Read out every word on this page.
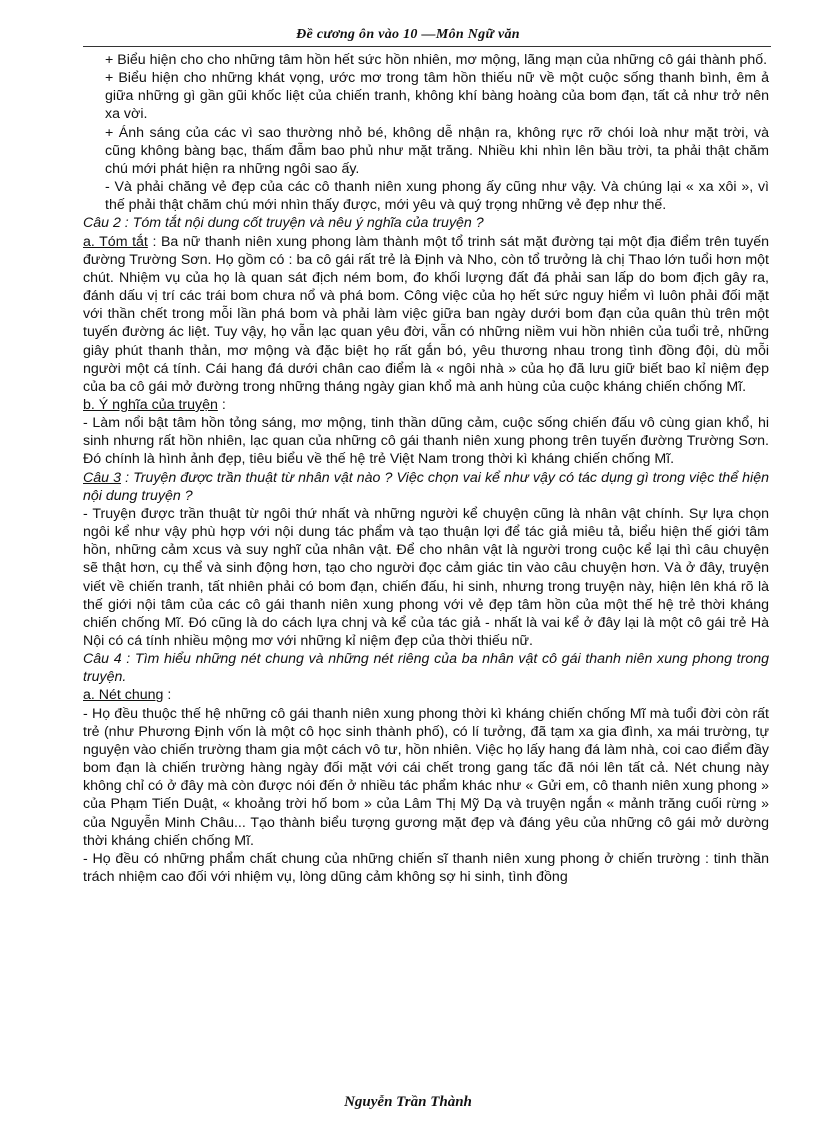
Đề cương ôn vào 10 —Môn Ngữ văn

+ Biểu hiện cho cho những tâm hồn hết sức hồn nhiên, mơ mộng, lãng mạn của những cô gái thành phố.

+ Biểu hiện cho những khát vọng, ước mơ trong tâm hồn thiếu nữ về một cuộc sống thanh bình, êm ả giữa những gì gần gũi khốc liệt của chiến tranh, không khí bàng hoàng của bom đạn, tất cả như trở nên xa vời.

+ Ánh sáng của các vì sao thường nhỏ bé, không dễ nhận ra, không rực rỡ chói loà như mặt trời, và cũng không bàng bạc, thấm đẫm bao phủ như mặt trăng. Nhiều khi nhìn lên bầu trời, ta phải thật chăm chú mới phát hiện ra những ngôi sao ấy.

- Và phải chăng vẻ đẹp của các cô thanh niên xung phong ấy cũng như vậy. Và chúng lại « xa xôi », vì thế phải thật chăm chú mới nhìn thấy được, mới yêu và quý trọng những vẻ đẹp như thế.

Câu 2 : Tóm tắt nội dung cốt truyện và nêu ý nghĩa của truyện ?

a. Tóm tắt : Ba nữ thanh niên xung phong làm thành một tổ trinh sát mặt đường tại một địa điểm trên tuyến đường Trường Sơn. Họ gồm có : ba cô gái rất trẻ là Định và Nho, còn tổ trưởng là chị Thao lớn tuổi hơn một chút. Nhiệm vụ của họ là quan sát địch ném bom, đo khối lượng đất đá phải san lấp do bom địch gây ra, đánh dấu vị trí các trái bom chưa nổ và phá bom. Công việc của họ hết sức nguy hiểm vì luôn phải đối mặt với thần chết trong mỗi lần phá bom và phải làm việc giữa ban ngày dưới bom đạn của quân thù trên một tuyến đường ác liệt. Tuy vậy, họ vẫn lạc quan yêu đời, vẫn có những niềm vui hồn nhiên của tuổi trẻ, những giây phút thanh thản, mơ mộng và đặc biệt họ rất gắn bó, yêu thương nhau trong tình đồng đội, dù mỗi người một cá tính. Cái hang đá dưới chân cao điểm là « ngôi nhà » của họ đã lưu giữ biết bao kỉ niệm đẹp của ba cô gái mở đường trong những tháng ngày gian khổ mà anh hùng của cuộc kháng chiến chống Mĩ.

b. Ý nghĩa của truyện :

- Làm nổi bật tâm hồn tỏng sáng, mơ mộng, tinh thần dũng cảm, cuộc sống chiến đấu vô cùng gian khổ, hi sinh nhưng rất hồn nhiên, lạc quan của những cô gái thanh niên xung phong trên tuyến đường Trường Sơn. Đó chính là hình ảnh đẹp, tiêu biểu về thế hệ trẻ Việt Nam trong thời kì kháng chiến chống Mĩ.

Câu 3 : Truyện được trần thuật từ nhân vật nào ? Việc chọn vai kể như vậy có tác dụng gì trong việc thể hiện nội dung truyện ?

- Truyện được trần thuật từ ngôi thứ nhất và những người kể chuyện cũng là nhân vật chính. Sự lựa chọn ngôi kể như vậy phù hợp với nội dung tác phẩm và tạo thuận lợi để tác giả miêu tả, biểu hiện thế giới tâm hồn, những cảm xcus và suy nghĩ của nhân vật. Để cho nhân vật là người trong cuộc kể lại thì câu chuyện sẽ thật hơn, cụ thể và sinh động hơn, tạo cho người đọc cảm giác tin vào câu chuyện hơn. Và ở đây, truyện viết về chiến tranh, tất nhiên phải có bom đạn, chiến đấu, hi sinh, nhưng trong truyện này, hiện lên khá rõ là thế giới nội tâm của các cô gái thanh niên xung phong với vẻ đẹp tâm hồn của một thế hệ trẻ thời kháng chiến chống Mĩ. Đó cũng là do cách lựa chnj và kể của tác giả - nhất là vai kể ở đây lại là một cô gái trẻ Hà Nội có cá tính nhiều mộng mơ với những kỉ niệm đẹp của thời thiếu nữ.

Câu 4 : Tìm hiểu những nét chung và những nét riêng của ba nhân vật cô gái thanh niên xung phong trong truyện.

a. Nét chung :

- Họ đều thuộc thế hệ những cô gái thanh niên xung phong thời kì kháng chiến chống Mĩ mà tuổi đời còn rất trẻ (như Phương Định vốn là một cô học sinh thành phố), có lí tưởng, đã tạm xa gia đình, xa mái trường, tự nguyện vào chiến trường tham gia một cách vô tư, hồn nhiên. Việc họ lấy hang đá làm nhà, coi cao điểm đầy bom đạn là chiến trường hàng ngày đối mặt với cái chết trong gang tấc đã nói lên tất cả. Nét chung này không chỉ có ở đây mà còn được nói đến ở nhiều tác phẩm khác như « Gửi em, cô thanh niên xung phong » của Phạm Tiến Duật, « khoảng trời hố bom » của Lâm Thị Mỹ Dạ và truyện ngắn « mảnh trăng cuối rừng » của Nguyễn Minh Châu... Tạo thành biểu tượng gương mặt đẹp và đáng yêu của những cô gái mở dường thời kháng chiến chống Mĩ.

- Họ đều có những phẩm chất chung của những chiến sĩ thanh niên xung phong ở chiến trường : tinh thần trách nhiệm cao đối với nhiệm vụ, lòng dũng cảm không sợ hi sinh, tình đồng

Nguyễn Trần Thành
